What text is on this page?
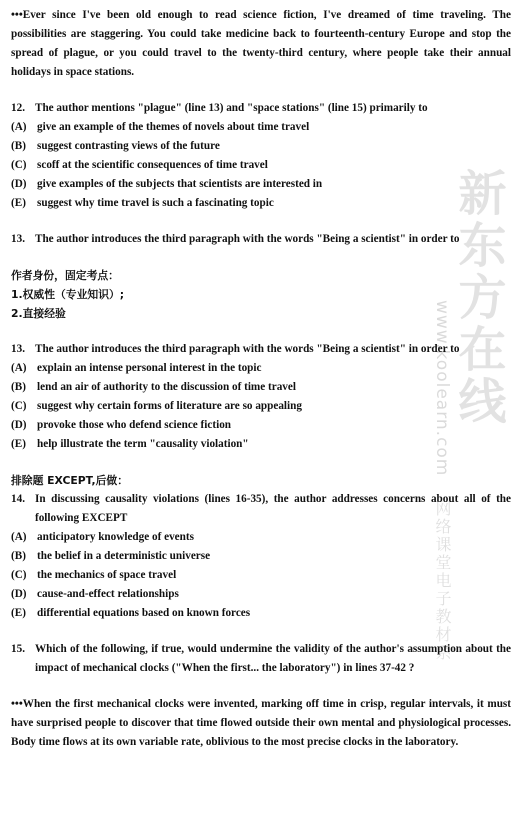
新东方在线
www.koolearn.com
网络课堂电子教材系

•••Ever since I've been old enough to read science fiction, I've dreamed of time traveling. The possibilities are staggering. You could take medicine back to fourteenth-century Europe and stop the spread of plague, or you could travel to the twenty-third century, where people take their annual holidays in space stations.

12. The author mentions "plague" (line 13) and "space stations" (line 15) primarily to
(A) give an example of the themes of novels about time travel
(B) suggest contrasting views of the future
(C) scoff at the scientific consequences of time travel
(D) give examples of the subjects that scientists are interested in
(E) suggest why time travel is such a fascinating topic
13. The author introduces the third paragraph with the words "Being a scientist" in order to

作者身份，固定考点：

1.权威性（专业知识）;

2.直接经验

13. The author introduces the third paragraph with the words "Being a scientist" in order to
(A) explain an intense personal interest in the topic
(B) lend an air of authority to the discussion of time travel
(C) suggest why certain forms of literature are so appealing
(D) provoke those who defend science fiction
(E) help illustrate the term "causality violation"

排除题 EXCEPT,后做：

14. In discussing causality violations (lines 16-35), the author addresses concerns about all of the following EXCEPT
(A) anticipatory knowledge of events
(B) the belief in a deterministic universe
(C) the mechanics of space travel
(D) cause-and-effect relationships
(E) differential equations based on known forces
15. Which of the following, if true, would undermine the validity of the author's assumption about the impact of mechanical clocks ("When the first... the laboratory") in lines 37-42 ?

•••When the first mechanical clocks were invented, marking off time in crisp, regular intervals, it must have surprised people to discover that time flowed outside their own mental and physiological processes. Body time flows at its own variable rate, oblivious to the most precise clocks in the laboratory.
